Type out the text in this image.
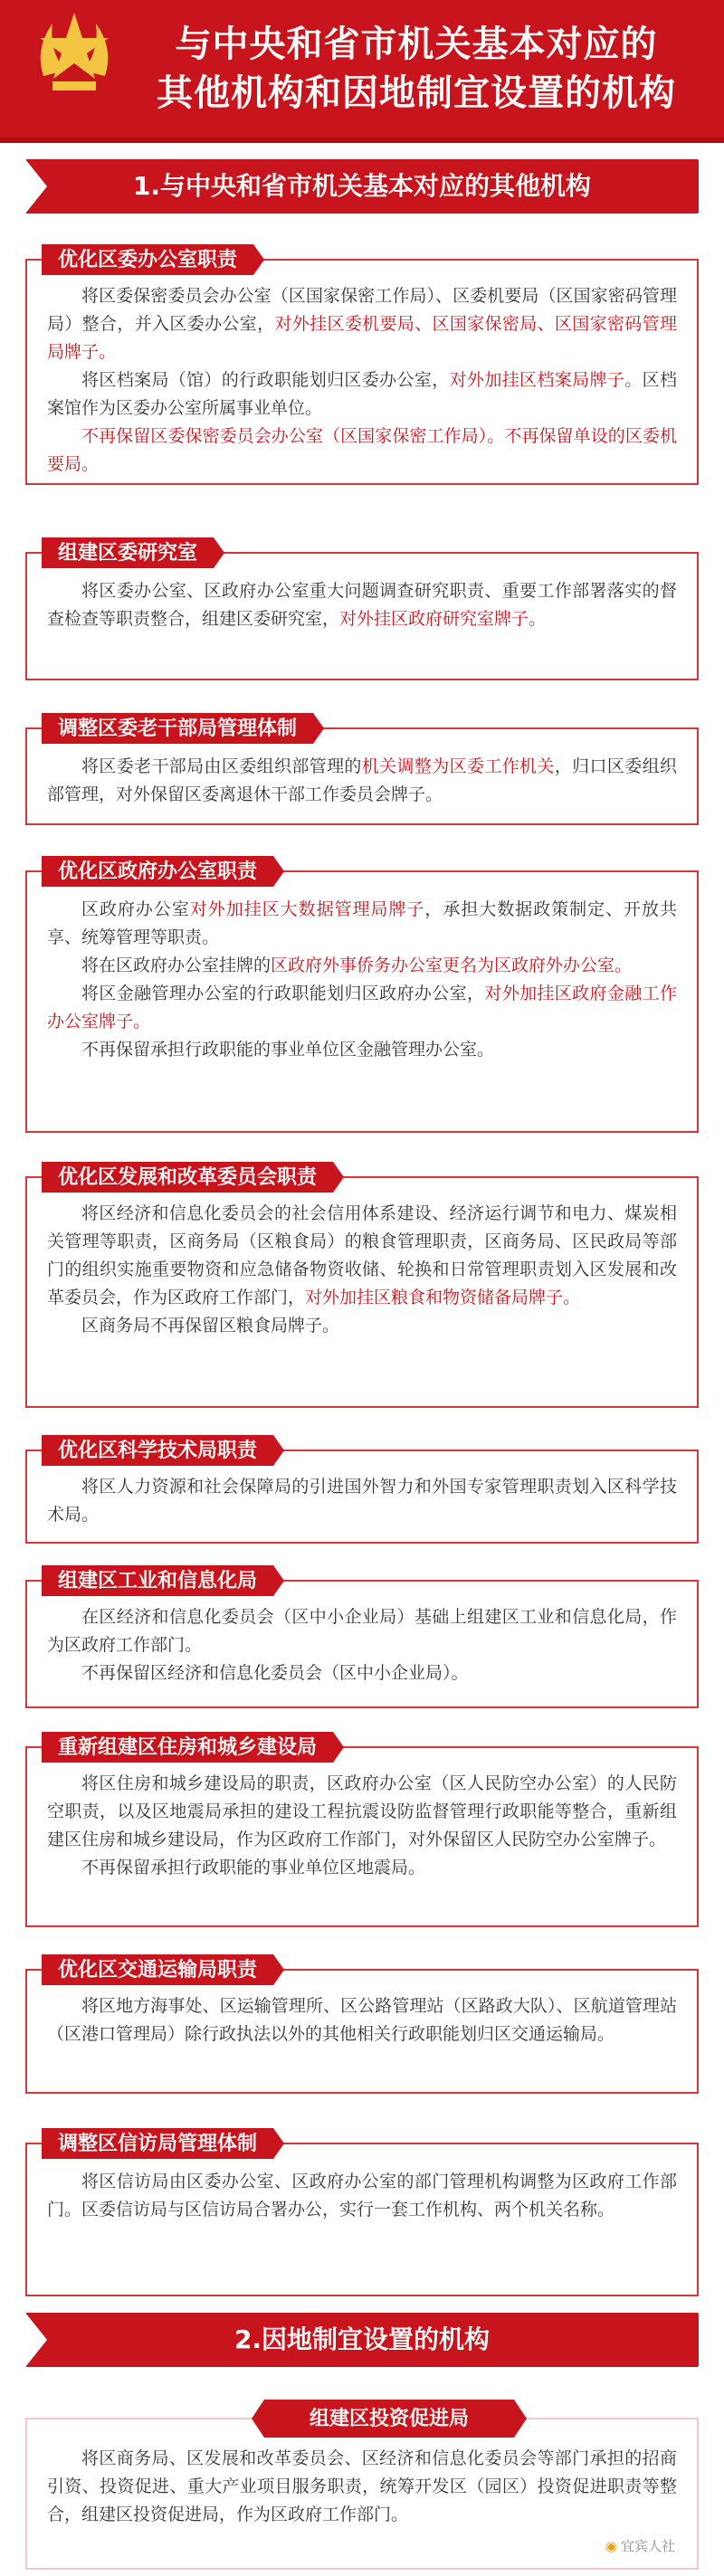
与中央和省市机关基本对应的
其他机构和因地制宜设置的机构
1.与中央和省市机关基本对应的其他机构
优化区委办公室职责
将区委保密委员会办公室（区国家保密工作局）、区委机要局（区国家密码管理局）整合，并入区委办公室，对外挂区委机要局、区国家保密局、区国家密码管理局牌子。
将区档案局（馆）的行政职能划归区委办公室，对外加挂区档案局牌子。区档案馆作为区委办公室所属事业单位。
不再保留区委保密委员会办公室（区国家保密工作局）。不再保留单设的区委机要局。
组建区委研究室
将区委办公室、区政府办公室重大问题调查研究职责、重要工作部署落实的督查检查等职责整合，组建区委研究室，对外挂区政府研究室牌子。
调整区委老干部局管理体制
将区委老干部局由区委组织部管理的机关调整为区委工作机关，归口区委组织部管理，对外保留区委离退休干部工作委员会牌子。
优化区政府办公室职责
区政府办公室对外加挂区大数据管理局牌子，承担大数据政策制定、开放共享、统筹管理等职责。
将在区政府办公室挂牌的区政府外事侨务办公室更名为区政府外办公室。
将区金融管理办公室的行政职能划归区政府办公室，对外加挂区政府金融工作办公室牌子。
不再保留承担行政职能的事业单位区金融管理办公室。
优化区发展和改革委员会职责
将区经济和信息化委员会的社会信用体系建设、经济运行调节和电力、煤炭相关管理等职责，区商务局（区粮食局）的粮食管理职责，区商务局、区民政局等部门的组织实施重要物资和应急储备物资收储、轮换和日常管理职责划入区发展和改革委员会，作为区政府工作部门，对外加挂区粮食和物资储备局牌子。
区商务局不再保留区粮食局牌子。
优化区科学技术局职责
将区人力资源和社会保障局的引进国外智力和外国专家管理职责划入区科学技术局。
组建区工业和信息化局
在区经济和信息化委员会（区中小企业局）基础上组建区工业和信息化局，作为区政府工作部门。
不再保留区经济和信息化委员会（区中小企业局）。
重新组建区住房和城乡建设局
将区住房和城乡建设局的职责，区政府办公室（区人民防空办公室）的人民防空职责，以及区地震局承担的建设工程抗震设防监督管理行政职能等整合，重新组建区住房和城乡建设局，作为区政府工作部门，对外保留区人民防空办公室牌子。
不再保留承担行政职能的事业单位区地震局。
优化区交通运输局职责
将区地方海事处、区运输管理所、区公路管理站（区路政大队）、区航道管理站（区港口管理局）除行政执法以外的其他相关行政职能划归区交通运输局。
调整区信访局管理体制
将区信访局由区委办公室、区政府办公室的部门管理机构调整为区政府工作部门。区委信访局与区信访局合署办公，实行一套工作机构、两个机关名称。
2.因地制宜设置的机构
组建区投资促进局
将区商务局、区发展和改革委员会、区经济和信息化委员会等部门承担的招商引资、投资促进、重大产业项目服务职责，统筹开发区（园区）投资促进职责等整合，组建区投资促进局，作为区政府工作部门。
◉ 宜宾人社
